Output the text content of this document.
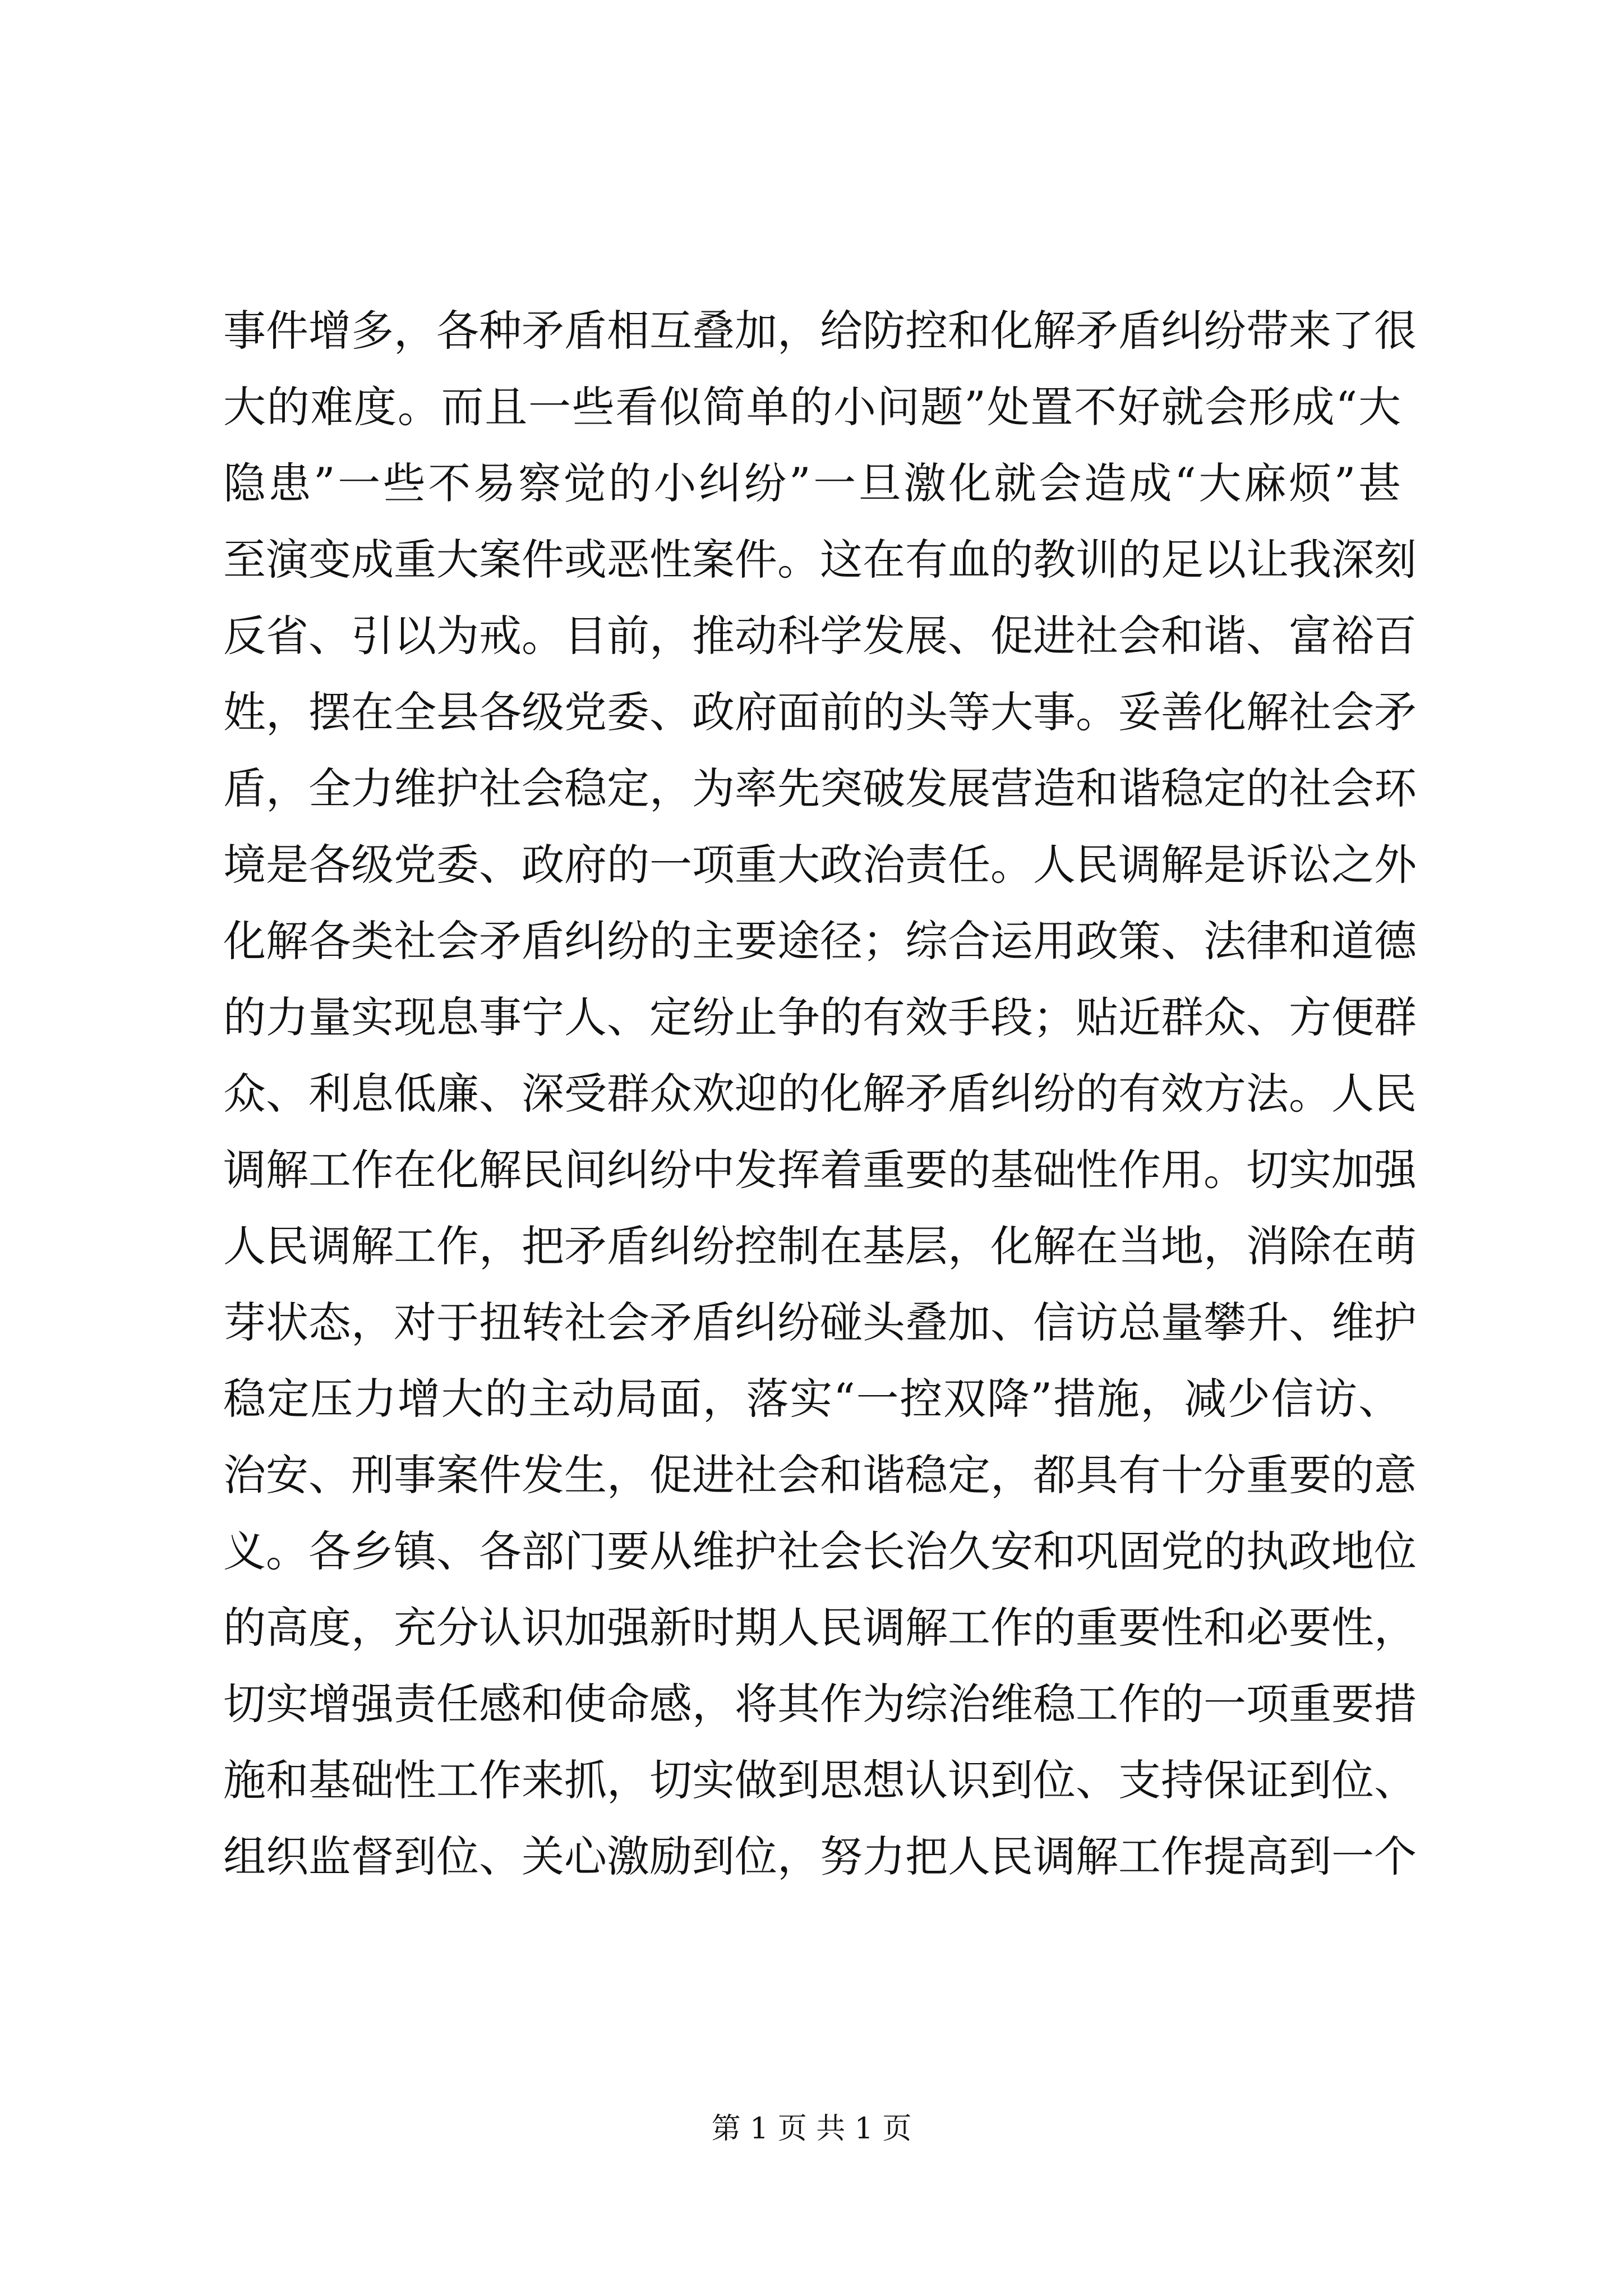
事件增多，各种矛盾相互叠加，给防控和化解矛盾纠纷带来了很
大的难度。而且一些看似简单的小问题”处置不好就会形成“大
隐患”一些不易察觉的小纠纷”一旦激化就会造成“大麻烦”甚
至演变成重大案件或恶性案件。这在有血的教训的足以让我深刻
反省、引以为戒。目前，推动科学发展、促进社会和谐、富裕百
姓，摆在全县各级党委、政府面前的头等大事。妥善化解社会矛
盾，全力维护社会稳定，为率先突破发展营造和谐稳定的社会环
境是各级党委、政府的一项重大政治责任。人民调解是诉讼之外
化解各类社会矛盾纠纷的主要途径；综合运用政策、法律和道德
的力量实现息事宁人、定纷止争的有效手段；贴近群众、方便群
众、利息低廉、深受群众欢迎的化解矛盾纠纷的有效方法。人民
调解工作在化解民间纠纷中发挥着重要的基础性作用。切实加强
人民调解工作，把矛盾纠纷控制在基层，化解在当地，消除在萌
芽状态，对于扭转社会矛盾纠纷碰头叠加、信访总量攀升、维护
稳定压力增大的主动局面，落实“一控双降”措施，减少信访、
治安、刑事案件发生，促进社会和谐稳定，都具有十分重要的意
义。各乡镇、各部门要从维护社会长治久安和巩固党的执政地位
的高度，充分认识加强新时期人民调解工作的重要性和必要性，
切实增强责任感和使命感，将其作为综治维稳工作的一项重要措
施和基础性工作来抓，切实做到思想认识到位、支持保证到位、
组织监督到位、关心激励到位，努力把人民调解工作提高到一个
第 1 页 共 1 页
